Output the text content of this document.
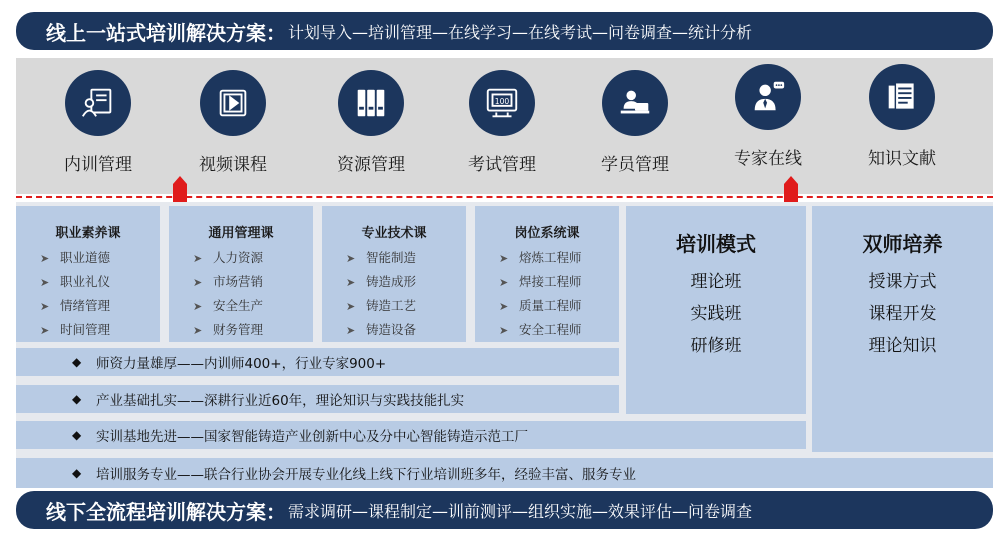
线上一站式培训解决方案 ： 计划导入—培训管理—在线学习—在线考试—问卷调查—统计分析
内训管理	视频课程	资源管理
100
考试管理	学员管理	专家在线	知识文献
职业素养课
➤ 职业道德
➤ 职业礼仪
➤ 情绪管理
➤ 时间管理
通用管理课
➤ 人力资源
➤ 市场营销
➤ 安全生产
➤ 财务管理
专业技术课
➤ 智能制造
➤ 铸造成形
➤ 铸造工艺
➤ 铸造设备
岗位系统课
➤ 熔炼工程师
➤ 焊接工程师
➤ 质量工程师
➤ 安全工程师
培训模式
理论班
实践班
研修班
双师培养
授课方式
课程开发
理论知识
◆	师资力量雄厚——内训师400+，行业专家900+
◆	产业基础扎实——深耕行业近60年，理论知识与实践技能扎实
◆	实训基地先进——国家智能铸造产业创新中心及分中心智能铸造示范工厂
◆	培训服务专业——联合行业协会开展专业化线上线下行业培训班多年，经验丰富、服务专业
线下全流程培训解决方案 ： 需求调研—课程制定—训前测评—组织实施—效果评估—问卷调查
